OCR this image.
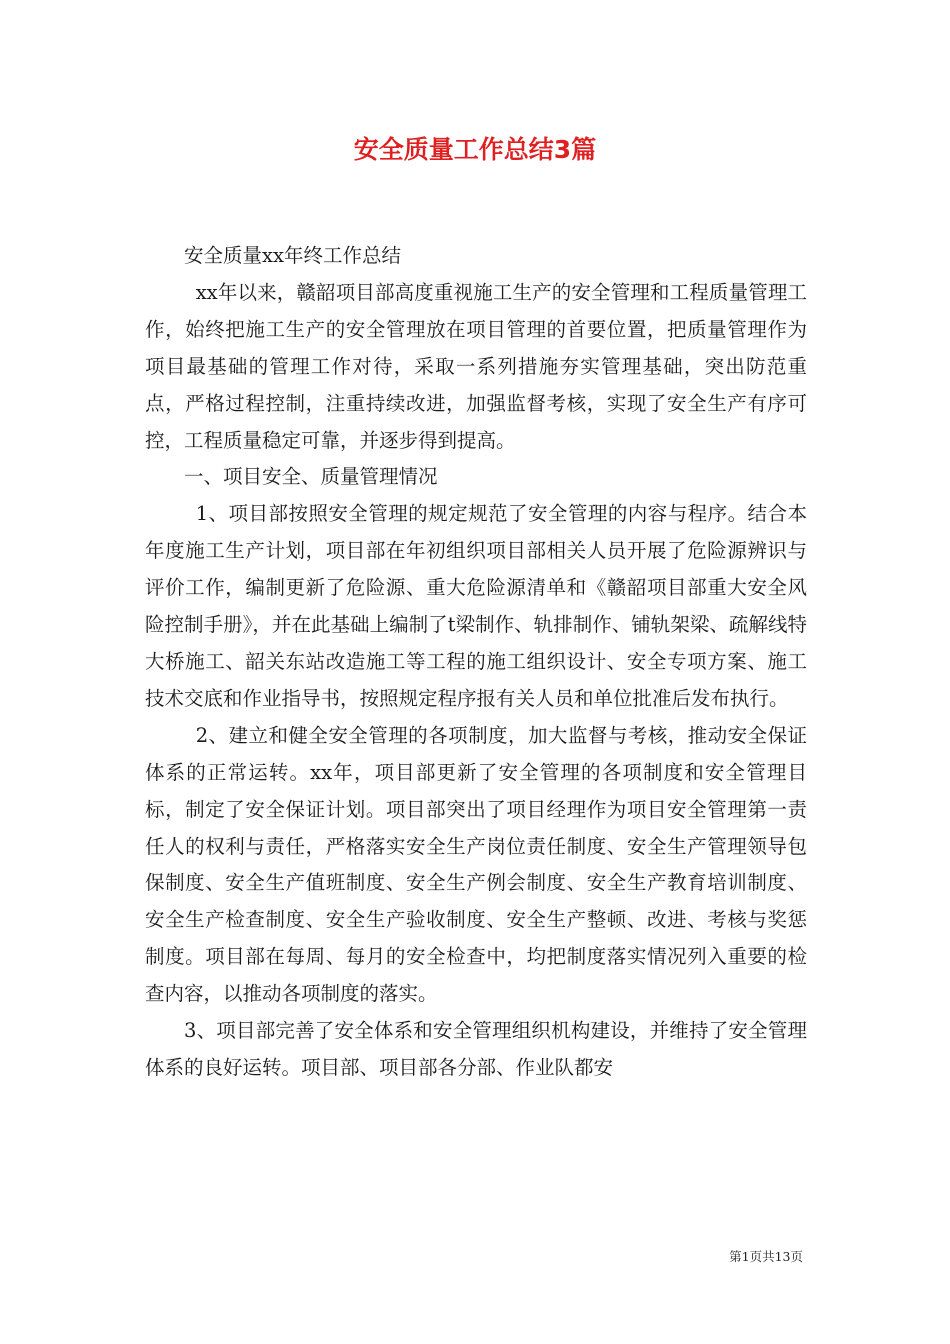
安全质量工作总结3篇

安全质量xx年终工作总结

xx年以来，赣韶项目部高度重视施工生产的安全管理和工程质量管理工作，始终把施工生产的安全管理放在项目管理的首要位置，把质量管理作为项目最基础的管理工作对待，采取一系列措施夯实管理基础，突出防范重点，严格过程控制，注重持续改进，加强监督考核，实现了安全生产有序可控，工程质量稳定可靠，并逐步得到提高。

一、项目安全、质量管理情况

1、项目部按照安全管理的规定规范了安全管理的内容与程序。结合本年度施工生产计划，项目部在年初组织项目部相关人员开展了危险源辨识与评价工作，编制更新了危险源、重大危险源清单和《赣韶项目部重大安全风险控制手册》，并在此基础上编制了t梁制作、轨排制作、铺轨架梁、疏解线特大桥施工、韶关东站改造施工等工程的施工组织设计、安全专项方案、施工技术交底和作业指导书，按照规定程序报有关人员和单位批准后发布执行。

2、建立和健全安全管理的各项制度，加大监督与考核，推动安全保证体系的正常运转。xx年，项目部更新了安全管理的各项制度和安全管理目标，制定了安全保证计划。项目部突出了项目经理作为项目安全管理第一责任人的权利与责任，严格落实安全生产岗位责任制度、安全生产管理领导包保制度、安全生产值班制度、安全生产例会制度、安全生产教育培训制度、安全生产检查制度、安全生产验收制度、安全生产整顿、改进、考核与奖惩制度。项目部在每周、每月的安全检查中，均把制度落实情况列入重要的检查内容，以推动各项制度的落实。

3、项目部完善了安全体系和安全管理组织机构建设，并维持了安全管理体系的良好运转。项目部、项目部各分部、作业队都安

第1页共13页
